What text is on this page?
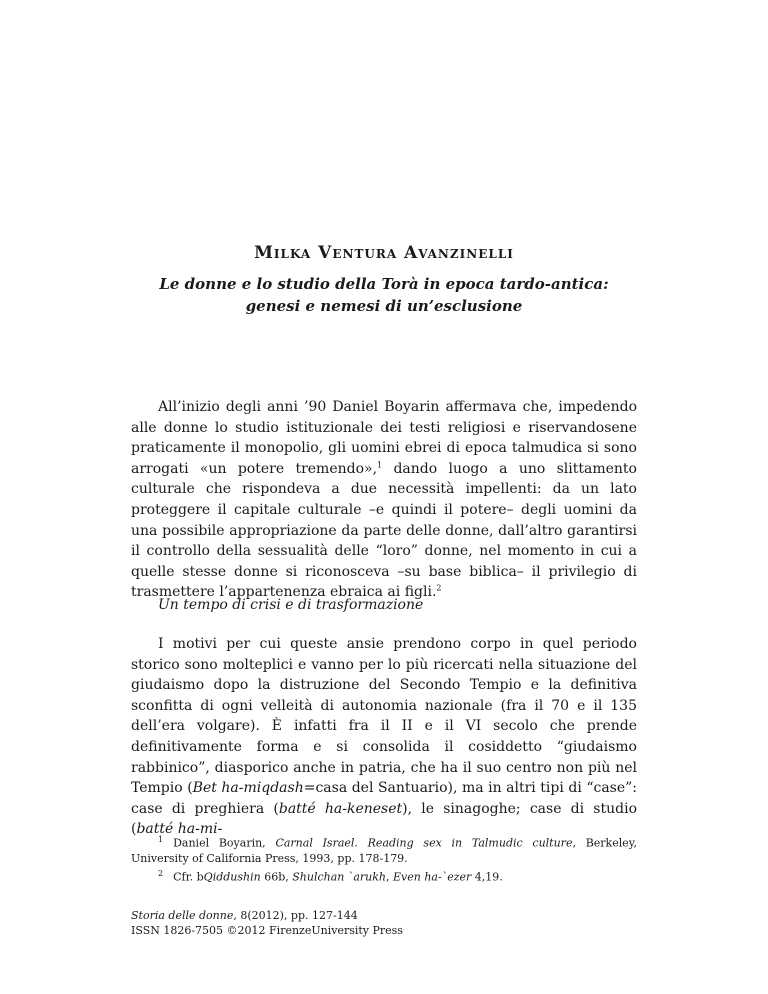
Milka Ventura Avanzinelli
Le donne e lo studio della Torà in epoca tardo-antica:
genesi e nemesi di un’esclusione

All’inizio degli anni ’90 Daniel Boyarin affermava che, impedendo alle donne lo studio istituzionale dei testi religiosi e riservandosene praticamente il monopolio, gli uomini ebrei di epoca talmudica si sono arrogati «un potere tremendo»,$^1$ dando luogo a uno slittamento culturale che rispondeva a due necessità impellenti: da un lato proteggere il capitale culturale –e quindi il potere– degli uomini da una possibile appropriazione da parte delle donne, dall’altro garantirsi il controllo della sessualità delle “loro” donne, nel momento in cui a quelle stesse donne si riconosceva –su base biblica– il privilegio di trasmettere l’appartenenza ebraica ai figli.$^2$

Un tempo di crisi e di trasformazione

I motivi per cui queste ansie prendono corpo in quel periodo storico sono molteplici e vanno per lo più ricercati nella situazione del giudaismo dopo la distruzione del Secondo Tempio e la definitiva sconfitta di ogni velleità di autonomia nazionale (fra il 70 e il 135 dell’era volgare). È infatti fra il II e il VI secolo che prende definitivamente forma e si consolida il cosiddetto “giudaismo rabbinico”, diasporico anche in patria, che ha il suo centro non più nel Tempio (Bet ha-miqdash=casa del Santuario), ma in altri tipi di “case”: case di preghiera (batté ha-keneset), le sinagoghe; case di studio (batté ha-mi-

$^1$ Daniel Boyarin, Carnal Israel. Reading sex in Talmudic culture, Berkeley, University of California Press, 1993, pp. 178-179.

$^2$ Cfr. bQiddushin 66b, Shulchan `arukh, Even ha-`ezer 4,19.

Storia delle donne, 8(2012), pp. 127-144
ISSN 1826-7505 ©2012 FirenzeUniversity Press
